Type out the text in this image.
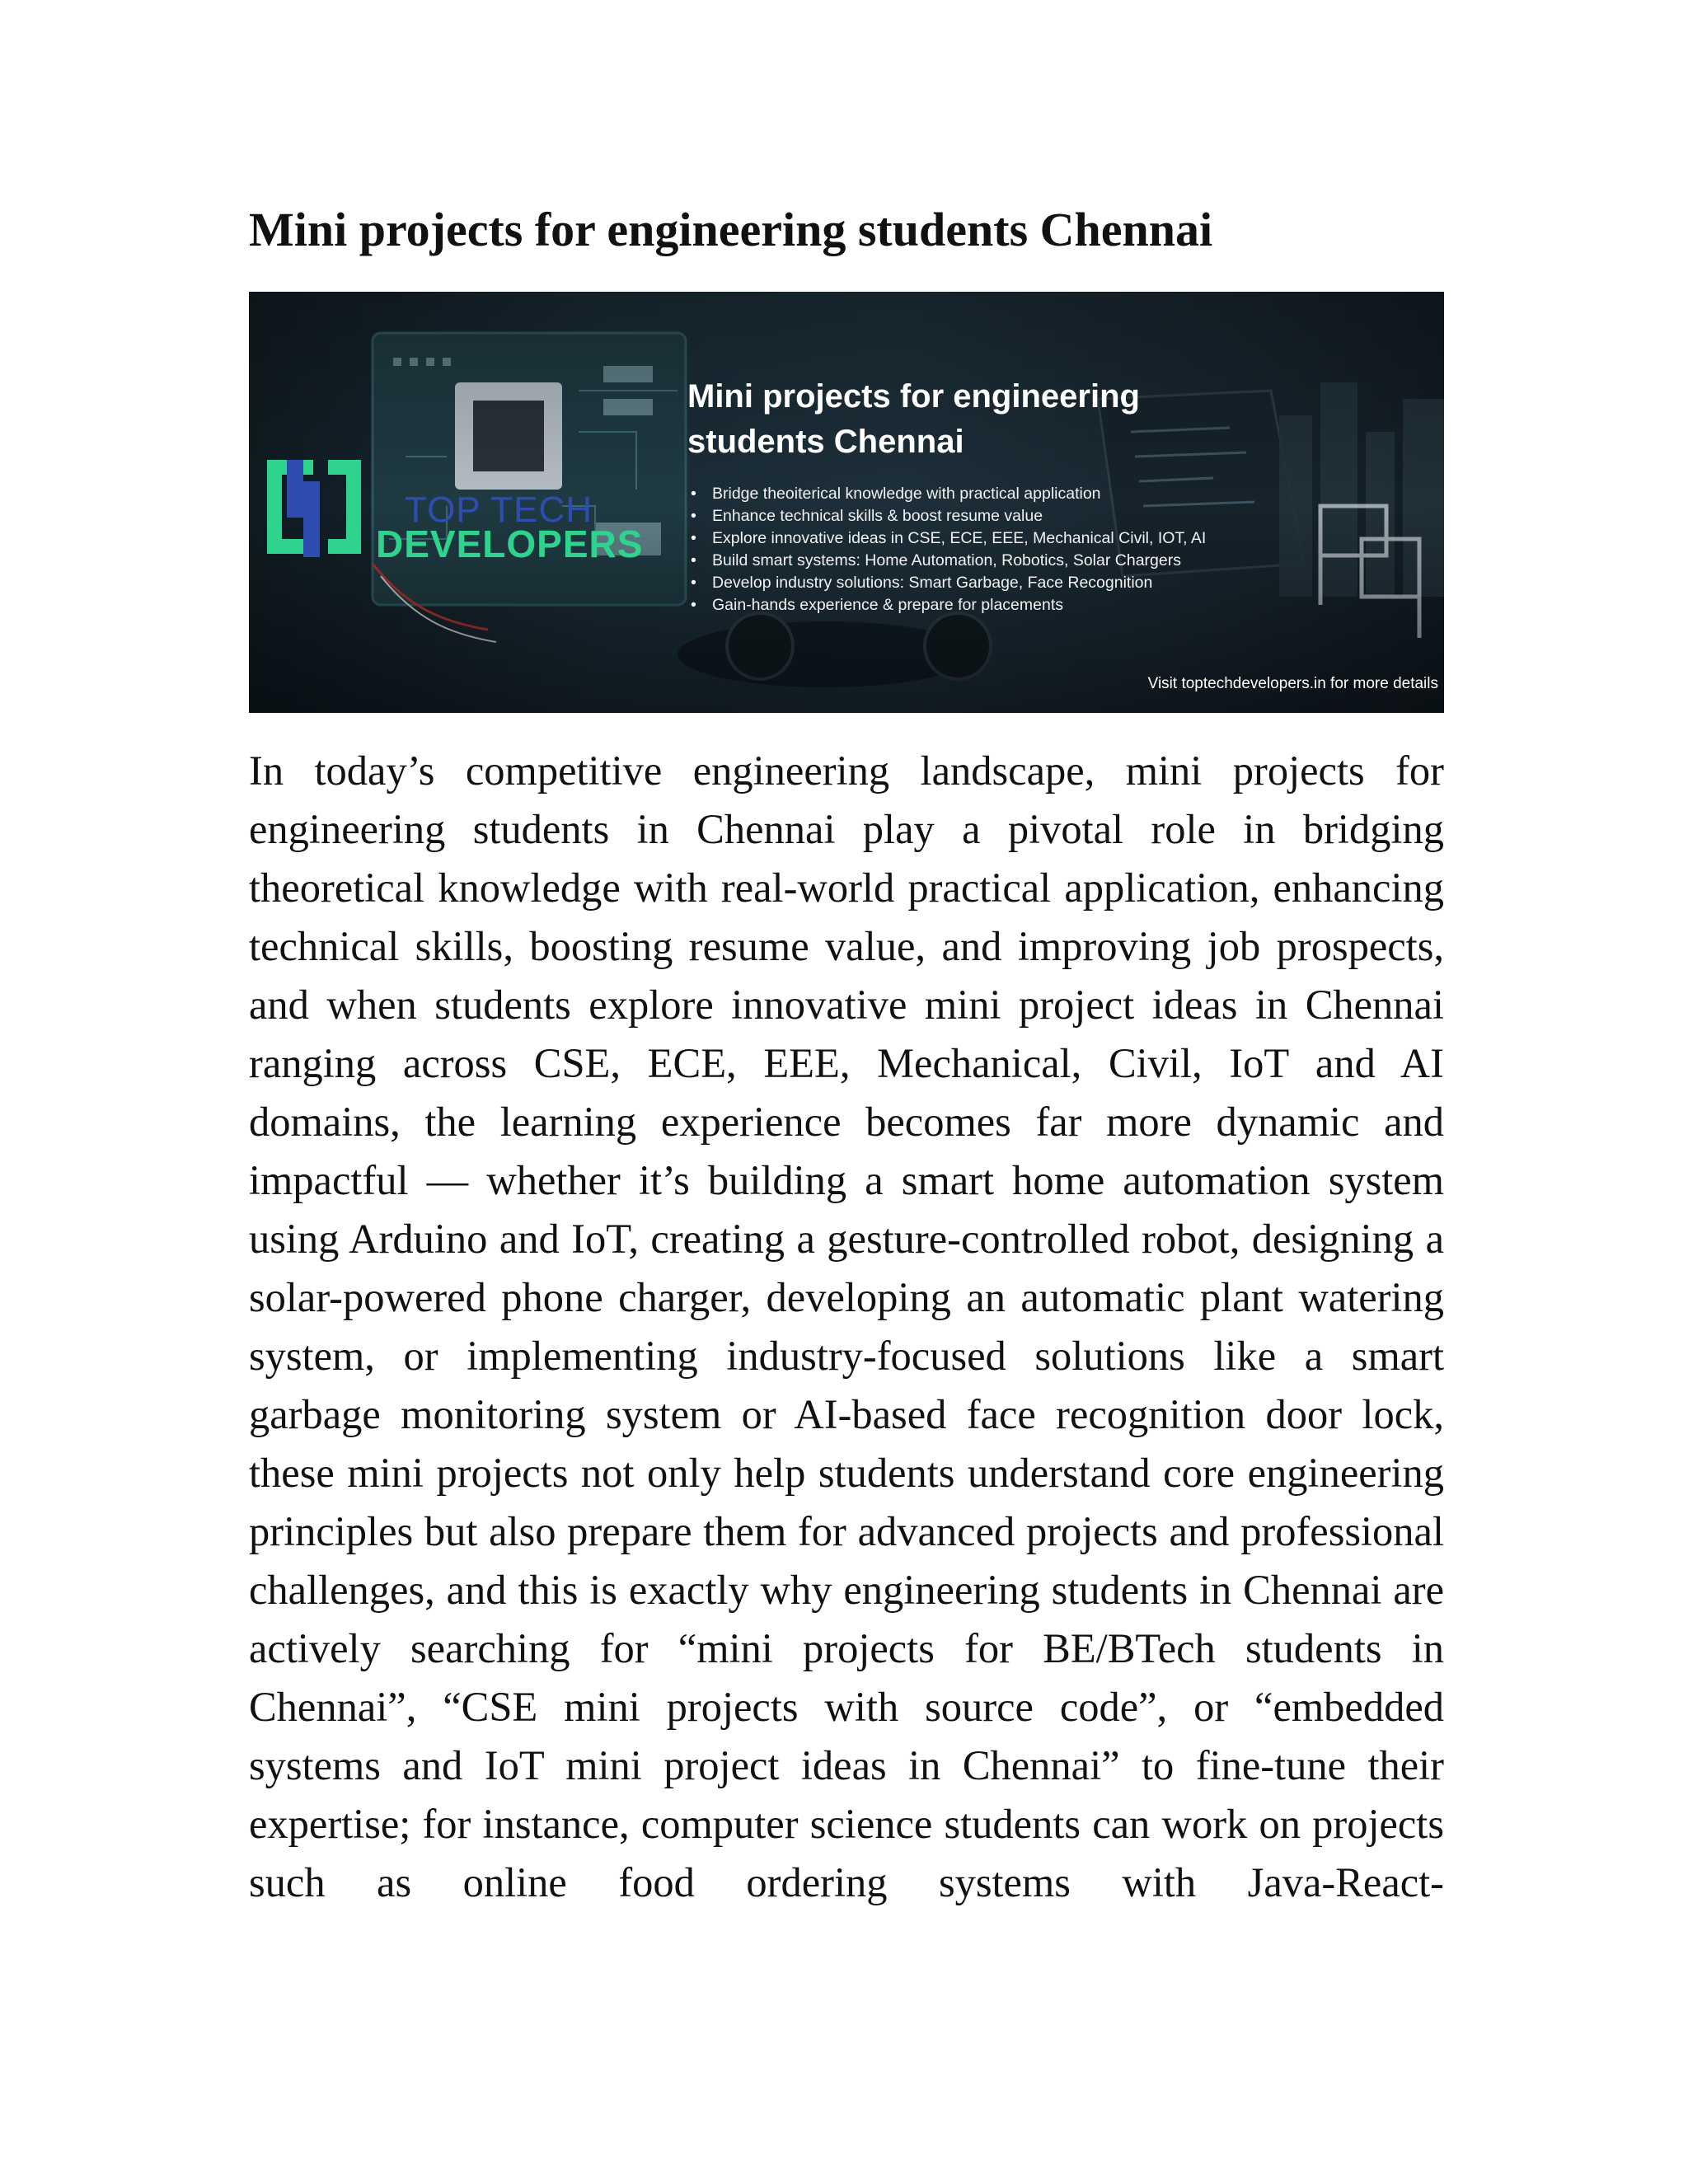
Mini projects for engineering students Chennai
TOP TECH
DEVELOPERS
Mini projects for engineering students Chennai
• Bridge theoiterical knowledge with practical application
• Enhance technical skills & boost resume value
• Explore innovative ideas in CSE, ECE, EEE, Mechanical Civil, IOT, AI
• Build smart systems: Home Automation, Robotics, Solar Chargers
• Develop industry solutions: Smart Garbage, Face Recognition
• Gain-hands experience & prepare for placements
Visit toptechdevelopers.in for more details

In today’s competitive engineering landscape, mini projects for engineering students in Chennai play a pivotal role in bridging theoretical knowledge with real-world practical application, enhancing technical skills, boosting resume value, and improving job prospects, and when students explore innovative mini project ideas in Chennai ranging across CSE, ECE, EEE, Mechanical, Civil, IoT and AI domains, the learning experience becomes far more dynamic and impactful — whether it’s building a smart home automation system using Arduino and IoT, creating a gesture-controlled robot, designing a solar-powered phone charger, developing an automatic plant watering system, or implementing industry-focused solutions like a smart garbage monitoring system or AI-based face recognition door lock, these mini projects not only help students understand core engineering principles but also prepare them for advanced projects and professional challenges, and this is exactly why engineering students in Chennai are actively searching for “mini projects for BE/BTech students in Chennai”, “CSE mini projects with source code”, or “embedded systems and IoT mini project ideas in Chennai” to fine-tune their expertise; for instance, computer science students can work on projects such as online food ordering systems with Java-React-
